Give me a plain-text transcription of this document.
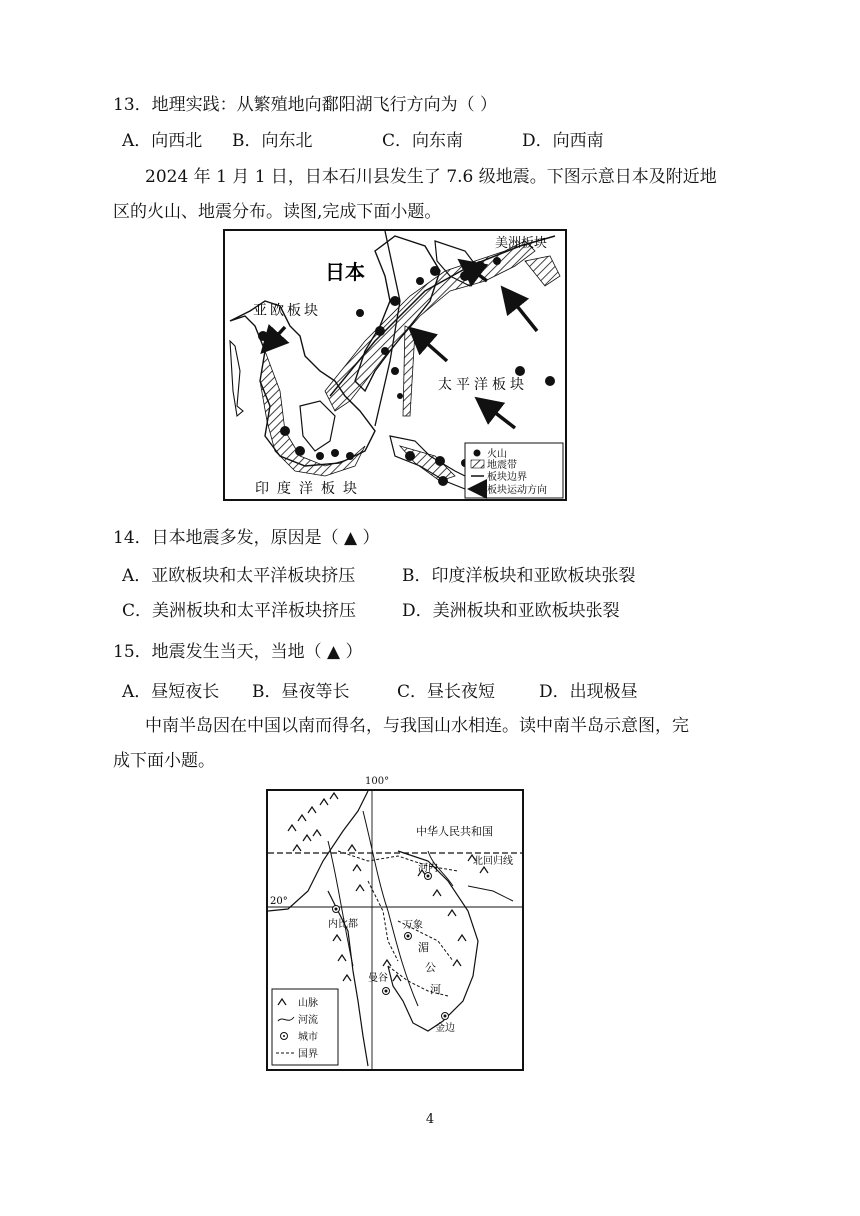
13．地理实践：从繁殖地向鄱阳湖飞行方向为（ ）
A．向西北	B．向东北	C．向东南	D．向西南
2024 年 1 月 1 日，日本石川县发生了 7.6 级地震。下图示意日本及附近地
区的火山、地震分布。读图,完成下面小题。
日本
亚欧板块
美洲板块
太平洋板块
印度洋板块
火山
地震带
板块边界
板块运动方向
14．日本地震多发，原因是（ ▲ ）
A．亚欧板块和太平洋板块挤压	B．印度洋板块和亚欧板块张裂
C．美洲板块和太平洋板块挤压	D．美洲板块和亚欧板块张裂
15．地震发生当天，当地（ ▲ ）
A．昼短夜长	B．昼夜等长	C．昼长夜短	D．出现极昼
中南半岛因在中国以南而得名，与我国山水相连。读中南半岛示意图，完
成下面小题。
100°
中华人民共和国
北回归线
20°
河内
内比都	万象
曼谷
金边
湄
公
河
山脉
河流
城市
国界
4
